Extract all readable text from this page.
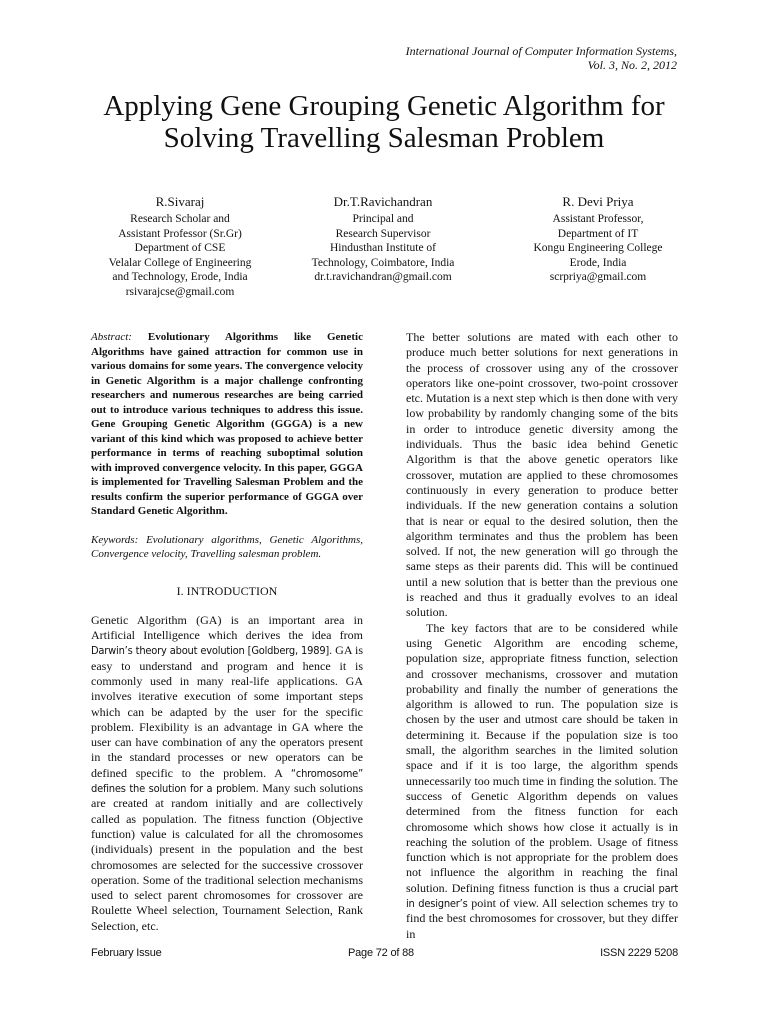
International Journal of Computer Information Systems,
Vol. 3, No. 2, 2012
Applying Gene Grouping Genetic Algorithm for
Solving Travelling Salesman Problem
R.Sivaraj
Research Scholar and
Assistant Professor (Sr.Gr)
Department of CSE
Velalar College of Engineering
and Technology, Erode, India
rsivarajcse@gmail.com
Dr.T.Ravichandran
Principal and
Research Supervisor
Hindusthan Institute of
Technology, Coimbatore, India
dr.t.ravichandran@gmail.com
R. Devi Priya
Assistant Professor,
Department of IT
Kongu Engineering College
Erode, India
scrpriya@gmail.com
Abstract: Evolutionary Algorithms like Genetic Algorithms have gained attraction for common use in various domains for some years. The convergence velocity in Genetic Algorithm is a major challenge confronting researchers and numerous researches are being carried out to introduce various techniques to address this issue. Gene Grouping Genetic Algorithm (GGGA) is a new variant of this kind which was proposed to achieve better performance in terms of reaching suboptimal solution with improved convergence velocity. In this paper, GGGA is implemented for Travelling Salesman Problem and the results confirm the superior performance of GGGA over Standard Genetic Algorithm.
Keywords: Evolutionary algorithms, Genetic Algorithms, Convergence velocity, Travelling salesman problem.
I. INTRODUCTION

Genetic Algorithm (GA) is an important area in Artificial Intelligence which derives the idea from Darwin’s theory about evolution [Goldberg, 1989]. GA is easy to understand and program and hence it is commonly used in many real-life applications. GA involves iterative execution of some important steps which can be adapted by the user for the specific problem. Flexibility is an advantage in GA where the user can have combination of any the operators present in the standard processes or new operators can be defined specific to the problem. A “chromosome” defines the solution for a problem. Many such solutions are created at random initially and are collectively called as population. The fitness function (Objective function) value is calculated for all the chromosomes (individuals) present in the population and the best chromosomes are selected for the successive crossover operation. Some of the traditional selection mechanisms used to select parent chromosomes for crossover are Roulette Wheel selection, Tournament Selection, Rank Selection, etc.

The better solutions are mated with each other to produce much better solutions for next generations in the process of crossover using any of the crossover operators like one-point crossover, two-point crossover etc. Mutation is a next step which is then done with very low probability by randomly changing some of the bits in order to introduce genetic diversity among the individuals. Thus the basic idea behind Genetic Algorithm is that the above genetic operators like crossover, mutation are applied to these chromosomes continuously in every generation to produce better individuals. If the new generation contains a solution that is near or equal to the desired solution, then the algorithm terminates and thus the problem has been solved. If not, the new generation will go through the same steps as their parents did. This will be continued until a new solution that is better than the previous one is reached and thus it gradually evolves to an ideal solution.

The key factors that are to be considered while using Genetic Algorithm are encoding scheme, population size, appropriate fitness function, selection and crossover mechanisms, crossover and mutation probability and finally the number of generations the algorithm is allowed to run. The population size is chosen by the user and utmost care should be taken in determining it. Because if the population size is too small, the algorithm searches in the limited solution space and if it is too large, the algorithm spends unnecessarily too much time in finding the solution. The success of Genetic Algorithm depends on values determined from the fitness function for each chromosome which shows how close it actually is in reaching the solution of the problem. Usage of fitness function which is not appropriate for the problem does not influence the algorithm in reaching the final solution. Defining fitness function is thus a crucial part in designer’s point of view. All selection schemes try to find the best chromosomes for crossover, but they differ in

February Issue	Page 72 of 88	ISSN 2229 5208
